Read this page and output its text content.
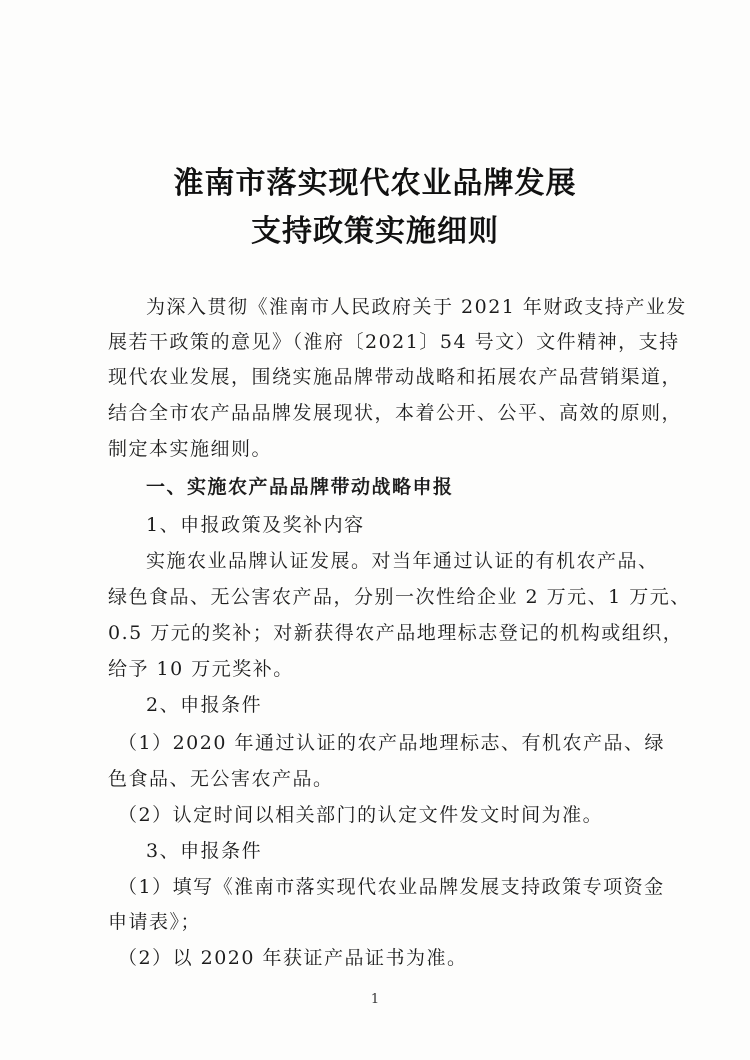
淮南市落实现代农业品牌发展
支持政策实施细则
为深入贯彻《淮南市人民政府关于 2021 年财政支持产业发
展若干政策的意见》（淮府〔2021〕54 号文）文件精神，支持
现代农业发展，围绕实施品牌带动战略和拓展农产品营销渠道，
结合全市农产品品牌发展现状，本着公开、公平、高效的原则，
制定本实施细则。
一、实施农产品品牌带动战略申报
1、申报政策及奖补内容
实施农业品牌认证发展。对当年通过认证的有机农产品、
绿色食品、无公害农产品，分别一次性给企业 2 万元、1 万元、
0.5 万元的奖补；对新获得农产品地理标志登记的机构或组织，
给予 10 万元奖补。
2、申报条件
（1）2020 年通过认证的农产品地理标志、有机农产品、绿
色食品、无公害农产品。
（2）认定时间以相关部门的认定文件发文时间为准。
3、申报条件
（1）填写《淮南市落实现代农业品牌发展支持政策专项资金
申请表》；
（2）以 2020 年获证产品证书为准。
1
